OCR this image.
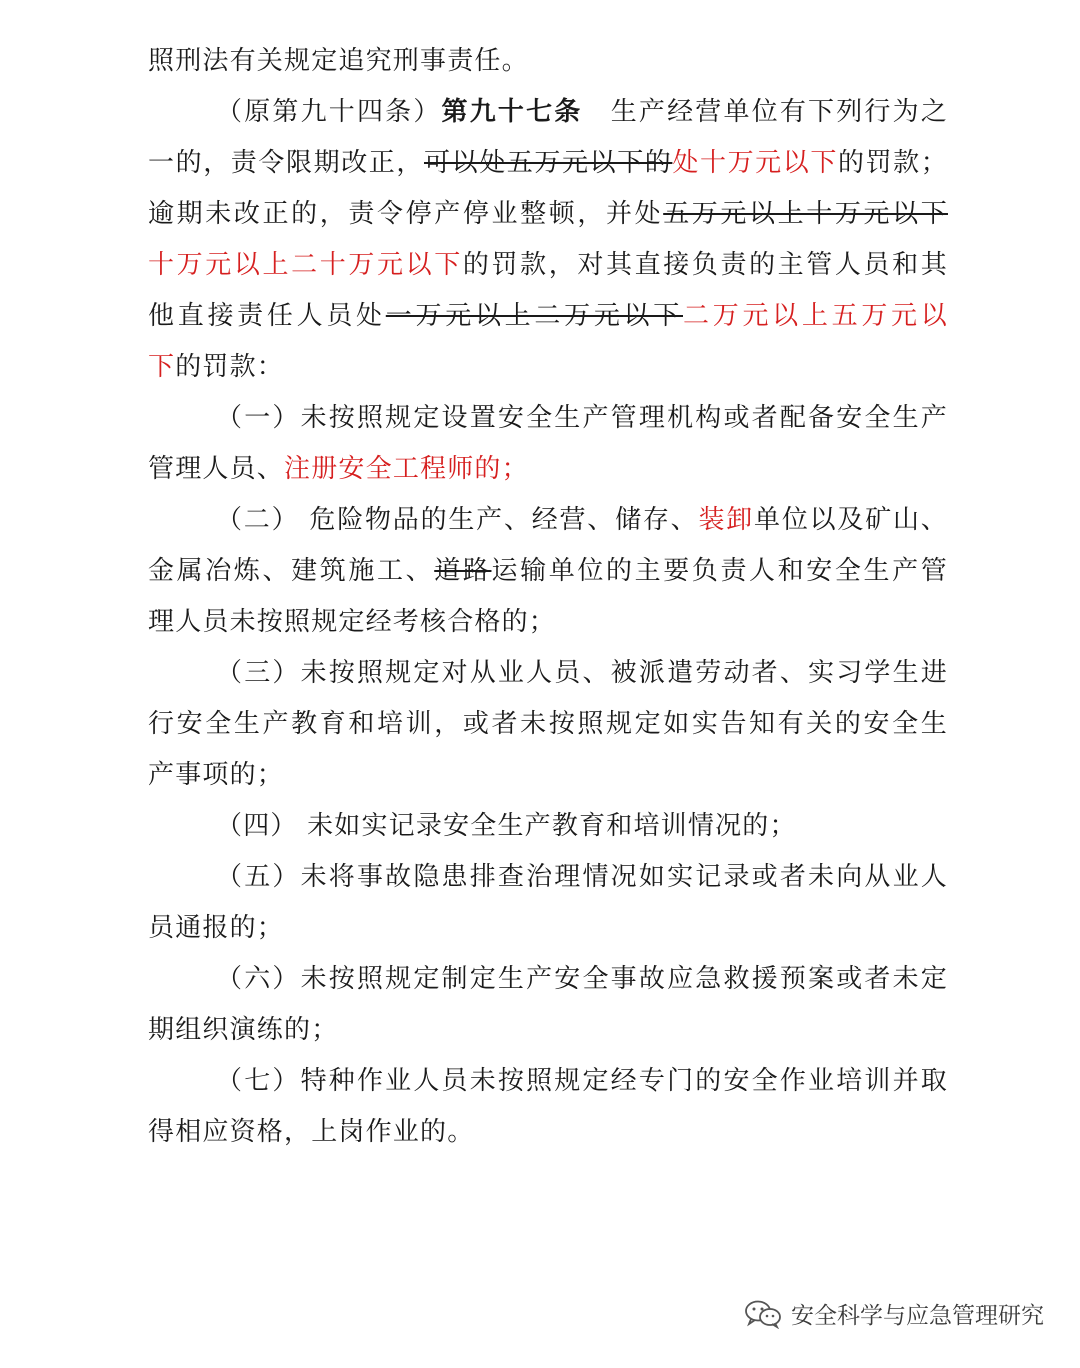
照刑法有关规定追究刑事责任。
（原第九十四条）第九十七条　生产经营单位有下列行为之
一的，责令限期改正，可以处五万元以下的处十万元以下的罚款；
逾期未改正的，责令停产停业整顿，并处五万元以上十万元以下
十万元以上二十万元以下的罚款，对其直接负责的主管人员和其
他直接责任人员处一万元以上二万元以下二万元以上五万元以
下的罚款：
（一）未按照规定设置安全生产管理机构或者配备安全生产
管理人员、注册安全工程师的；
（二） 危险物品的生产、经营、储存、装卸单位以及矿山、
金属冶炼、建筑施工、道路运输单位的主要负责人和安全生产管
理人员未按照规定经考核合格的；
（三）未按照规定对从业人员、被派遣劳动者、实习学生进
行安全生产教育和培训，或者未按照规定如实告知有关的安全生
产事项的；
（四） 未如实记录安全生产教育和培训情况的；
（五）未将事故隐患排查治理情况如实记录或者未向从业人
员通报的；
（六）未按照规定制定生产安全事故应急救援预案或者未定
期组织演练的；
（七）特种作业人员未按照规定经专门的安全作业培训并取
得相应资格，上岗作业的。
安全科学与应急管理研究
